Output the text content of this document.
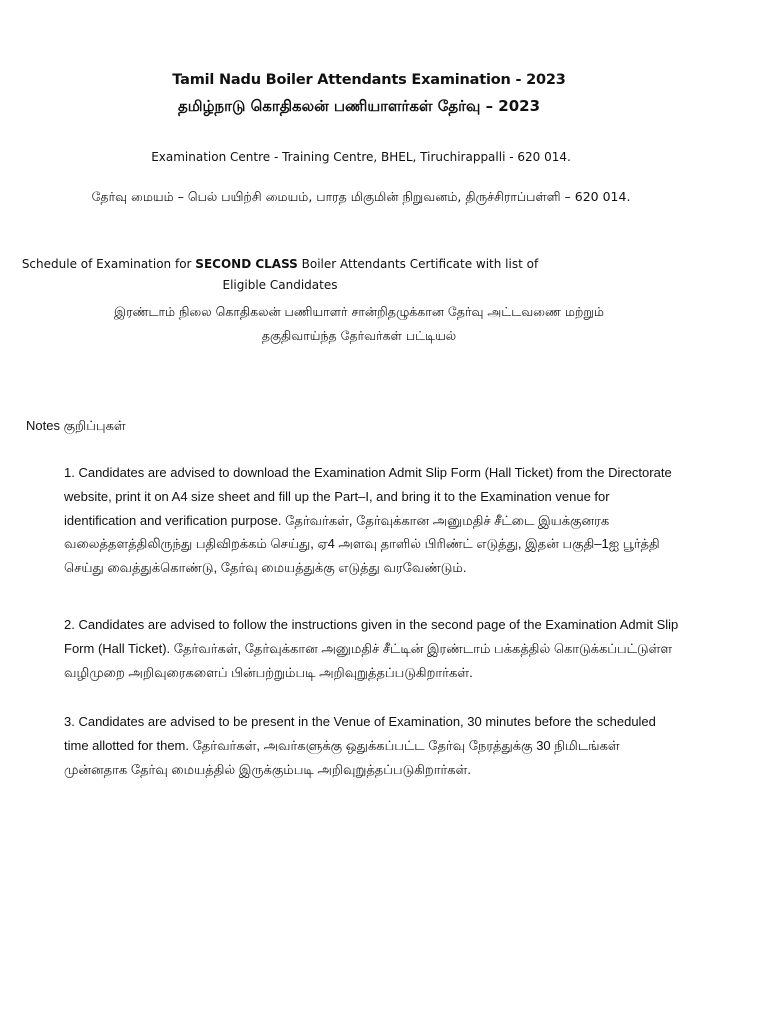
Tamil Nadu Boiler Attendants Examination - 2023
தமிழ்நாடு கொதிகலன் பணியாளர்கள் தேர்வு – 2023
Examination Centre - Training Centre, BHEL, Tiruchirappalli - 620 014.
தேர்வு மையம் – பெல் பயிற்சி மையம், பாரத மிகுமின் நிறுவனம், திருச்சிராப்பள்ளி – 620 014.
Schedule of Examination for SECOND CLASS Boiler Attendants Certificate with list of
Eligible Candidates
இரண்டாம் நிலை கொதிகலன் பணியாளர் சான்றிதழுக்கான தேர்வு அட்டவணை மற்றும்
தகுதிவாய்ந்த தேர்வர்கள் பட்டியல்
Notes குறிப்புகள்
1. Candidates are advised to download the Examination Admit Slip Form (Hall Ticket) from the Directorate website, print it on A4 size sheet and fill up the Part–I, and bring it to the Examination venue for identification and verification purpose. தேர்வர்கள், தேர்வுக்கான அனுமதிச் சீட்டை இயக்குனரக வலைத்தளத்திலிருந்து பதிவிறக்கம் செய்து, ஏ4 அளவு தாளில் பிரிண்ட் எடுத்து, இதன் பகுதி–1ஐ பூர்த்தி செய்து வைத்துக்கொண்டு, தேர்வு மையத்துக்கு எடுத்து வரவேண்டும்.
2. Candidates are advised to follow the instructions given in the second page of the Examination Admit Slip Form (Hall Ticket). தேர்வர்கள், தேர்வுக்கான அனுமதிச் சீட்டின் இரண்டாம் பக்கத்தில் கொடுக்கப்பட்டுள்ள வழிமுறை அறிவுரைகளைப் பின்பற்றும்படி அறிவுறுத்தப்படுகிறார்கள்.
3. Candidates are advised to be present in the Venue of Examination, 30 minutes before the scheduled time allotted for them. தேர்வர்கள், அவர்களுக்கு ஒதுக்கப்பட்ட தேர்வு நேரத்துக்கு 30 நிமிடங்கள் முன்னதாக தேர்வு மையத்தில் இருக்கும்படி அறிவுறுத்தப்படுகிறார்கள்.
